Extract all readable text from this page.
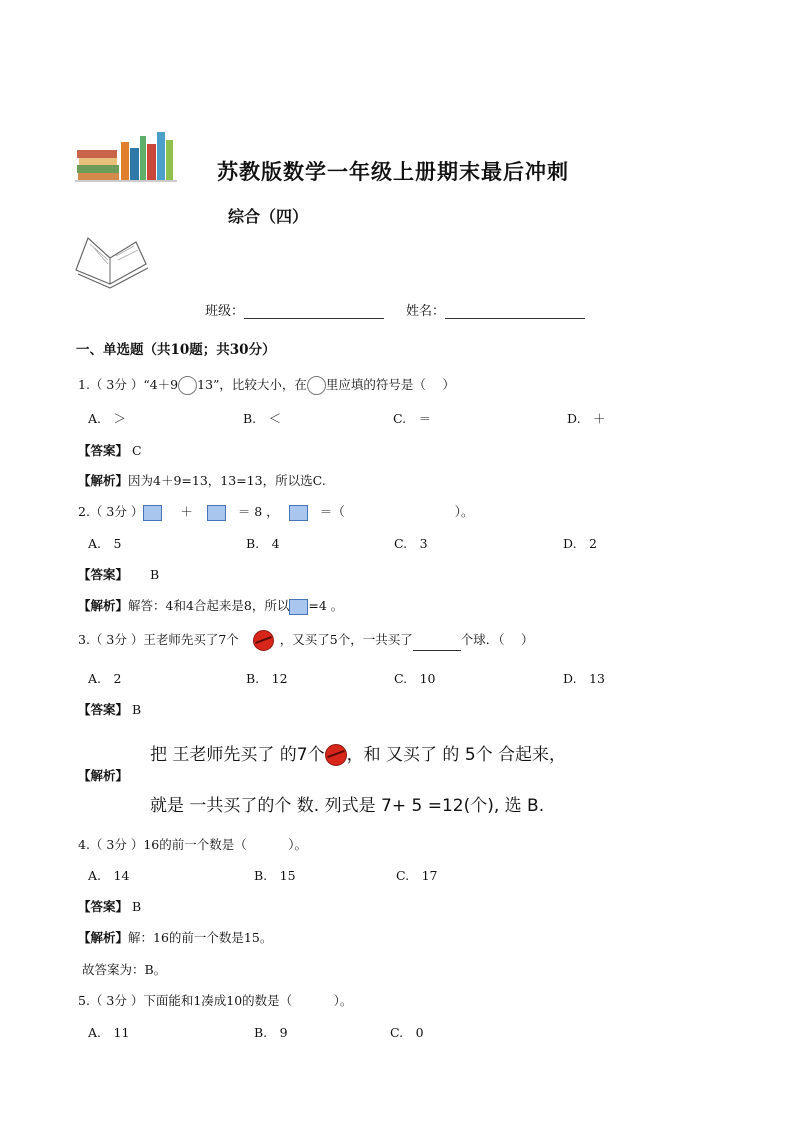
苏教版数学一年级上册期末最后冲刺
综合（四）
班级：	姓名：
一、单选题（共10题；共30分）
1.（ 3分 ）“4＋9 13”，比较大小，在 里应填的符号是（　 ）
A.　＞	B.　＜	C.　＝	D.　＋
【答案】 C
【解析】因为4＋9=13，13=13，所以选C.
2.（ 3分 ）	＋	＝ 8 ，	＝（	）。
A.　5	B.　4	C.　3	D.　2
【答案】 B
【解析】解答：4和4合起来是8，所以 =4 。
3.（ 3分 ）王老师先买了7个	，又买了5个，一共买了	个球．（　 ）
A.　2	B.　12	C.　10	D.　13
【答案】 B
【解析】
把 王老师先买了 的7个 ，和 又买了 的 5个 合起来，
就是 一共买了的个 数. 列式是 7+ 5 =12(个), 选 B.
4.（ 3分 ）16的前一个数是（　　　 ）。
A.　14	B.　15	C.　17
【答案】 B
【解析】解：16的前一个数是15。
故答案为：B。
5.（ 3分 ）下面能和1凑成10的数是（　　　 ）。
A.　11	B.　9	C.　0
